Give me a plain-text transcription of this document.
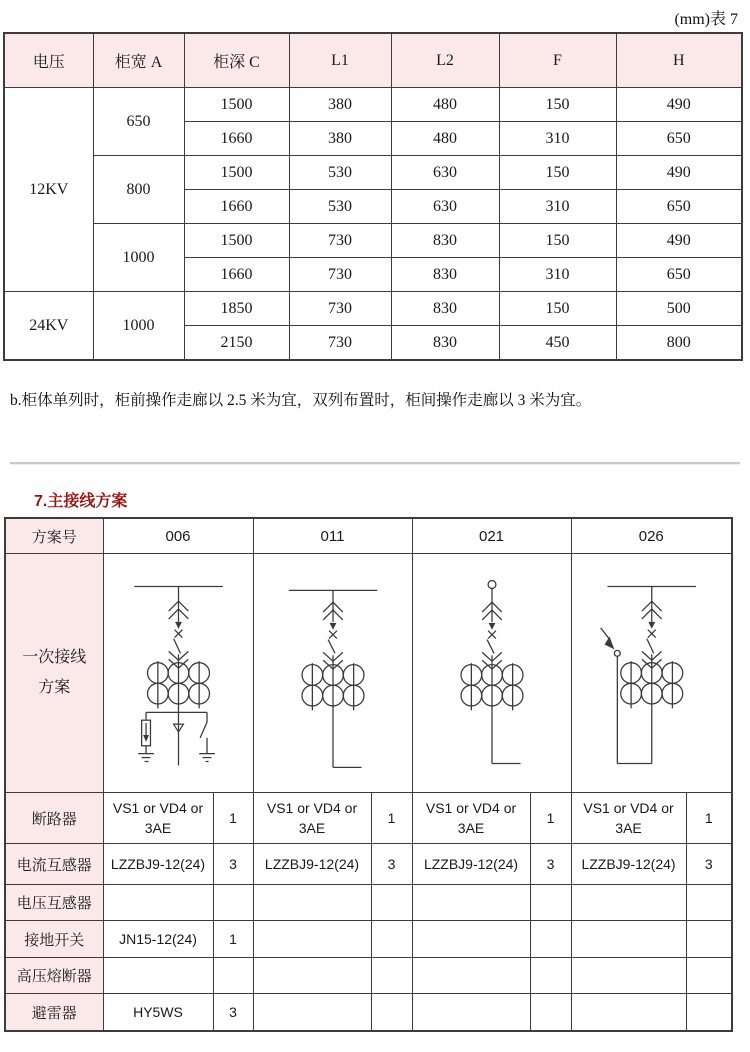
(mm)表 7
电压	柜宽 A	柜深 C	L1	L2	F	H
12KV	650	1500	380	480	150	490
		1660	380	480	310	650
	800	1500	530	630	150	490
		1660	530	630	310	650
	1000	1500	730	830	150	490
		1660	730	830	310	650
24KV	1000	1850	730	830	150	500
		2150	730	830	450	800
b.柜体单列时，柜前操作走廊以 2.5 米为宜，双列布置时，柜间操作走廊以 3 米为宜。
7.主接线方案
方案号	006		011		021		026	
一次接线方案	

断路器	VS1 or VD4 or 3AE	1	VS1 or VD4 or 3AE	1	VS1 or VD4 or 3AE	1	VS1 or VD4 or 3AE	1
电流互感器	LZZBJ9-12(24)	3	LZZBJ9-12(24)	3	LZZBJ9-12(24)	3	LZZBJ9-12(24)	3
电压互感器								
接地开关	JN15-12(24)	1						
高压熔断器								
避雷器	HY5WS	3						
